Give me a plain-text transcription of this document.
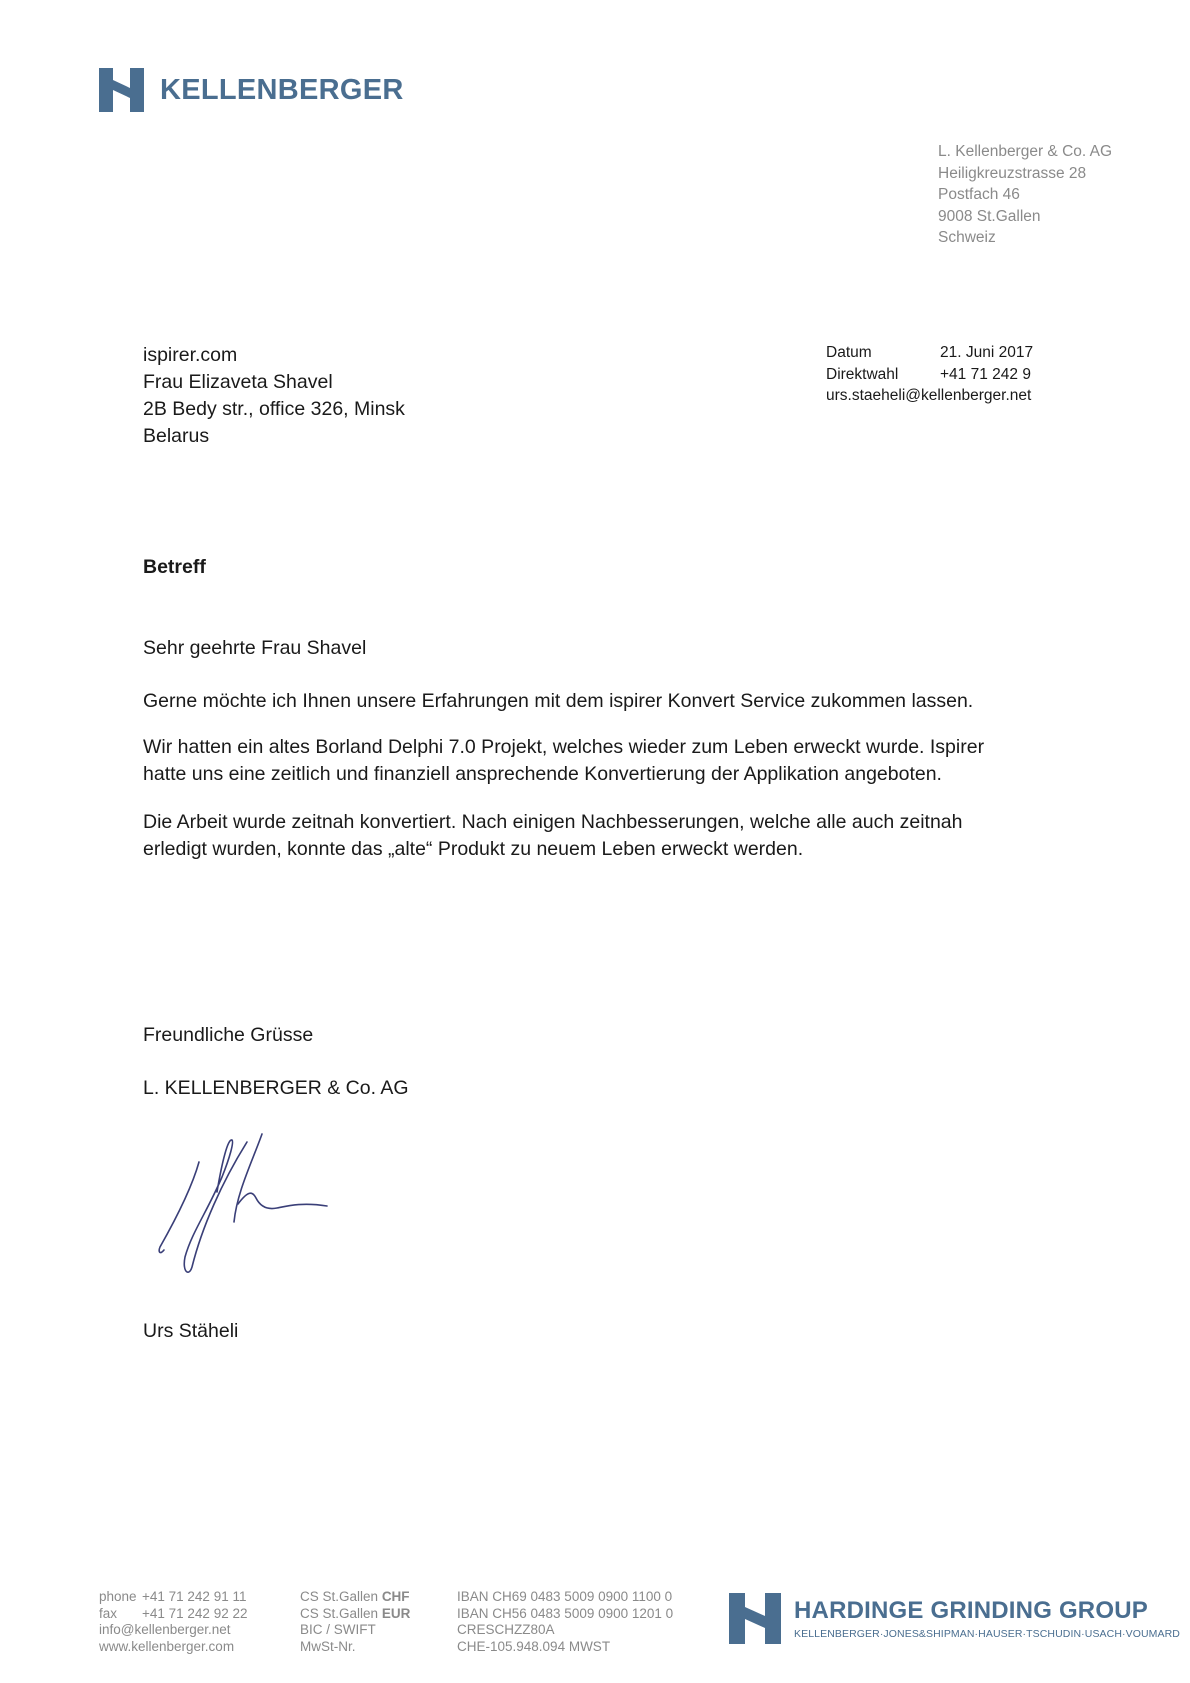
KELLENBERGER
L. Kellenberger & Co. AG
Heiligkreuzstrasse 28
Postfach 46
9008 St.Gallen
Schweiz
ispirer.com
Frau Elizaveta Shavel
2B Bedy str., office 326, Minsk
Belarus
Datum	21. Juni 2017
Direktwahl	+41 71 242 9
urs.staeheli@kellenberger.net
Betreff
Sehr geehrte Frau Shavel
Gerne möchte ich Ihnen unsere Erfahrungen mit dem ispirer Konvert Service zukommen lassen.
Wir hatten ein altes Borland Delphi 7.0 Projekt, welches wieder zum Leben erweckt wurde. Ispirer
hatte uns eine zeitlich und finanziell ansprechende Konvertierung der Applikation angeboten.
Die Arbeit wurde zeitnah konvertiert. Nach einigen Nachbesserungen, welche alle auch zeitnah
erledigt wurden, konnte das „alte“ Produkt zu neuem Leben erweckt werden.
Freundliche Grüsse
L. KELLENBERGER & Co. AG
Urs Stäheli
phone +41 71 242 91 11
fax +41 71 242 92 22
info@kellenberger.net
www.kellenberger.com
CS St.Gallen CHF
CS St.Gallen EUR
BIC / SWIFT
MwSt-Nr.
IBAN CH69 0483 5009 0900 1100 0
IBAN CH56 0483 5009 0900 1201 0
CRESCHZZ80A
CHE-105.948.094 MWST
HARDINGE GRINDING GROUP
KELLENBERGER·JONES&SHIPMAN·HAUSER·TSCHUDIN·USACH·VOUMARD
